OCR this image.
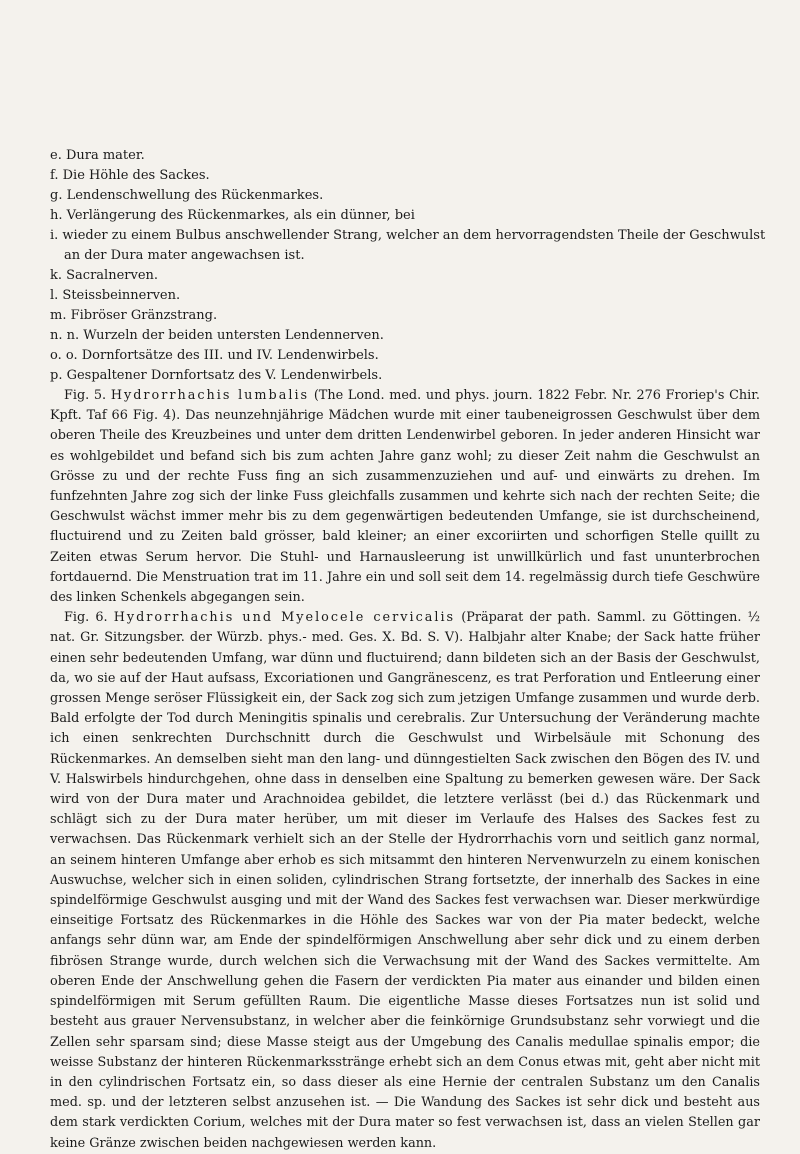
e. Dura mater.
f. Die Höhle des Sackes.
g. Lendenschwellung des Rückenmarkes.
h. Verlängerung des Rückenmarkes, als ein dünner, bei
i. wieder zu einem Bulbus anschwellender Strang, welcher an dem hervorragendsten Theile der Geschwulst
an der Dura mater angewachsen ist.
k. Sacralnerven.
l. Steissbeinnerven.
m. Fibröser Gränzstrang.
n. n. Wurzeln der beiden untersten Lendennerven.
o. o. Dornfortsätze des III. und IV. Lendenwirbels.
p. Gespaltener Dornfortsatz des V. Lendenwirbels.

Fig. 5. Hydrorrhachis lumbalis (The Lond. med. und phys. journ. 1822 Febr. Nr. 276 Froriep's Chir. Kpft. Taf 66 Fig. 4). Das neunzehnjährige Mädchen wurde mit einer taubeneigrossen Geschwulst über dem oberen Theile des Kreuzbeines und unter dem dritten Lendenwirbel geboren. In jeder anderen Hinsicht war es wohlgebildet und befand sich bis zum achten Jahre ganz wohl; zu dieser Zeit nahm die Geschwulst an Grösse zu und der rechte Fuss fing an sich zusammenzuziehen und auf- und einwärts zu drehen. Im funfzehnten Jahre zog sich der linke Fuss gleichfalls zusammen und kehrte sich nach der rechten Seite; die Geschwulst wächst immer mehr bis zu dem gegenwärtigen bedeutenden Umfange, sie ist durchscheinend, fluctuirend und zu Zeiten bald grösser, bald kleiner; an einer excoriirten und schorfigen Stelle quillt zu Zeiten etwas Serum hervor. Die Stuhl- und Harnausleerung ist unwillkürlich und fast ununterbrochen fortdauernd. Die Menstruation trat im 11. Jahre ein und soll seit dem 14. regelmässig durch tiefe Geschwüre des linken Schenkels abgegangen sein.

Fig. 6. Hydrorrhachis und Myelocele cervicalis (Präparat der path. Samml. zu Göttingen. ½ nat. Gr. Sitzungsber. der Würzb. phys.- med. Ges. X. Bd. S. V). Halbjahr alter Knabe; der Sack hatte früher einen sehr bedeutenden Umfang, war dünn und fluctuirend; dann bildeten sich an der Basis der Geschwulst, da, wo sie auf der Haut aufsass, Excoriationen und Gangränescenz, es trat Perforation und Entleerung einer grossen Menge seröser Flüssigkeit ein, der Sack zog sich zum jetzigen Umfange zusammen und wurde derb. Bald erfolgte der Tod durch Meningitis spinalis und cerebralis. Zur Untersuchung der Veränderung machte ich einen senkrechten Durchschnitt durch die Geschwulst und Wirbelsäule mit Schonung des Rückenmarkes. An demselben sieht man den lang- und dünngestielten Sack zwischen den Bögen des IV. und V. Halswirbels hindurchgehen, ohne dass in denselben eine Spaltung zu bemerken gewesen wäre. Der Sack wird von der Dura mater und Arachnoidea gebildet, die letztere verlässt (bei d.) das Rückenmark und schlägt sich zu der Dura mater herüber, um mit dieser im Verlaufe des Halses des Sackes fest zu verwachsen. Das Rückenmark verhielt sich an der Stelle der Hydrorrhachis vorn und seitlich ganz normal, an seinem hinteren Umfange aber erhob es sich mitsammt den hinteren Nervenwurzeln zu einem konischen Auswuchse, welcher sich in einen soliden, cylindrischen Strang fortsetzte, der innerhalb des Sackes in eine spindelförmige Geschwulst ausging und mit der Wand des Sackes fest verwachsen war. Dieser merkwürdige einseitige Fortsatz des Rückenmarkes in die Höhle des Sackes war von der Pia mater bedeckt, welche anfangs sehr dünn war, am Ende der spindelförmigen Anschwellung aber sehr dick und zu einem derben fibrösen Strange wurde, durch welchen sich die Verwachsung mit der Wand des Sackes vermittelte. Am oberen Ende der Anschwellung gehen die Fasern der verdickten Pia mater aus einander und bilden einen spindelförmigen mit Serum gefüllten Raum. Die eigentliche Masse dieses Fortsatzes nun ist solid und besteht aus grauer Nervensubstanz, in welcher aber die feinkörnige Grundsubstanz sehr vorwiegt und die Zellen sehr sparsam sind; diese Masse steigt aus der Umgebung des Canalis medullae spinalis empor; die weisse Substanz der hinteren Rückenmarksstränge erhebt sich an dem Conus etwas mit, geht aber nicht mit in den cylindrischen Fortsatz ein, so dass dieser als eine Hernie der centralen Substanz um den Canalis med. sp. und der letzteren selbst anzusehen ist. — Die Wandung des Sackes ist sehr dick und besteht aus dem stark verdickten Corium, welches mit der Dura mater so fest verwachsen ist, dass an vielen Stellen gar keine Gränze zwischen beiden nachgewiesen werden kann.
